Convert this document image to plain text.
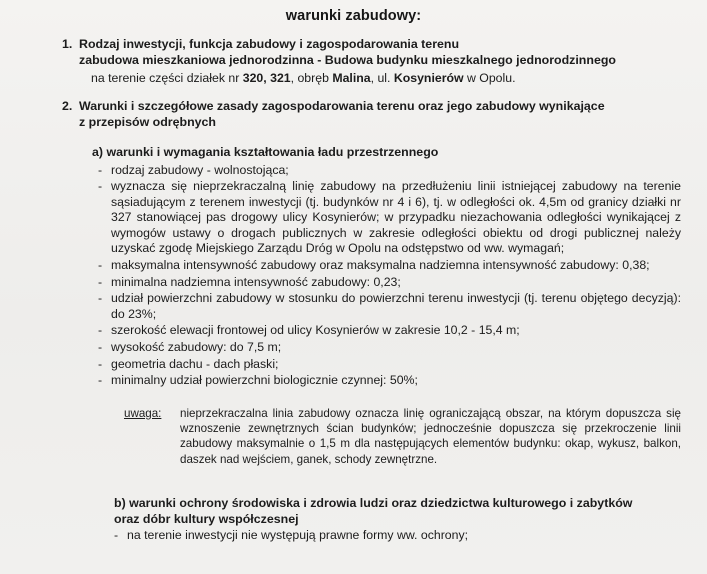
warunki zabudowy:
1. Rodzaj inwestycji, funkcja zabudowy i zagospodarowania terenu
zabudowa mieszkaniowa jednorodzinna - Budowa budynku mieszkalnego jednorodzinnego
na terenie części działek nr 320, 321, obręb Malina, ul. Kosynierów w Opolu.
2. Warunki i szczegółowe zasady zagospodarowania terenu oraz jego zabudowy wynikające
z przepisów odrębnych
a) warunki i wymagania kształtowania ładu przestrzennego
- rodzaj zabudowy - wolnostojąca;
- wyznacza się nieprzekraczalną linię zabudowy na przedłużeniu linii istniejącej zabudowy na terenie sąsiadującym z terenem inwestycji (tj. budynków nr 4 i 6), tj. w odległości ok. 4,5m od granicy działki nr 327 stanowiącej pas drogowy ulicy Kosynierów; w przypadku niezachowania odległości wynikającej z wymogów ustawy o drogach publicznych w zakresie odległości obiektu od drogi publicznej należy uzyskać zgodę Miejskiego Zarządu Dróg w Opolu na odstępstwo od ww. wymagań;
- maksymalna intensywność zabudowy oraz maksymalna nadziemna intensywność zabudowy: 0,38;
- minimalna nadziemna intensywność zabudowy: 0,23;
- udział powierzchni zabudowy w stosunku do powierzchni terenu inwestycji (tj. terenu objętego decyzją): do 23%;
- szerokość elewacji frontowej od ulicy Kosynierów w zakresie 10,2 - 15,4 m;
- wysokość zabudowy: do 7,5 m;
- geometria dachu - dach płaski;
- minimalny udział powierzchni biologicznie czynnej: 50%;
uwaga: nieprzekraczalna linia zabudowy oznacza linię ograniczającą obszar, na którym dopuszcza się wznoszenie zewnętrznych ścian budynków; jednocześnie dopuszcza się przekroczenie linii zabudowy maksymalnie o 1,5 m dla następujących elementów budynku: okap, wykusz, balkon, daszek nad wejściem, ganek, schody zewnętrzne.
b) warunki ochrony środowiska i zdrowia ludzi oraz dziedzictwa kulturowego i zabytków
oraz dóbr kultury współczesnej
- na terenie inwestycji nie występują prawne formy ww. ochrony;
